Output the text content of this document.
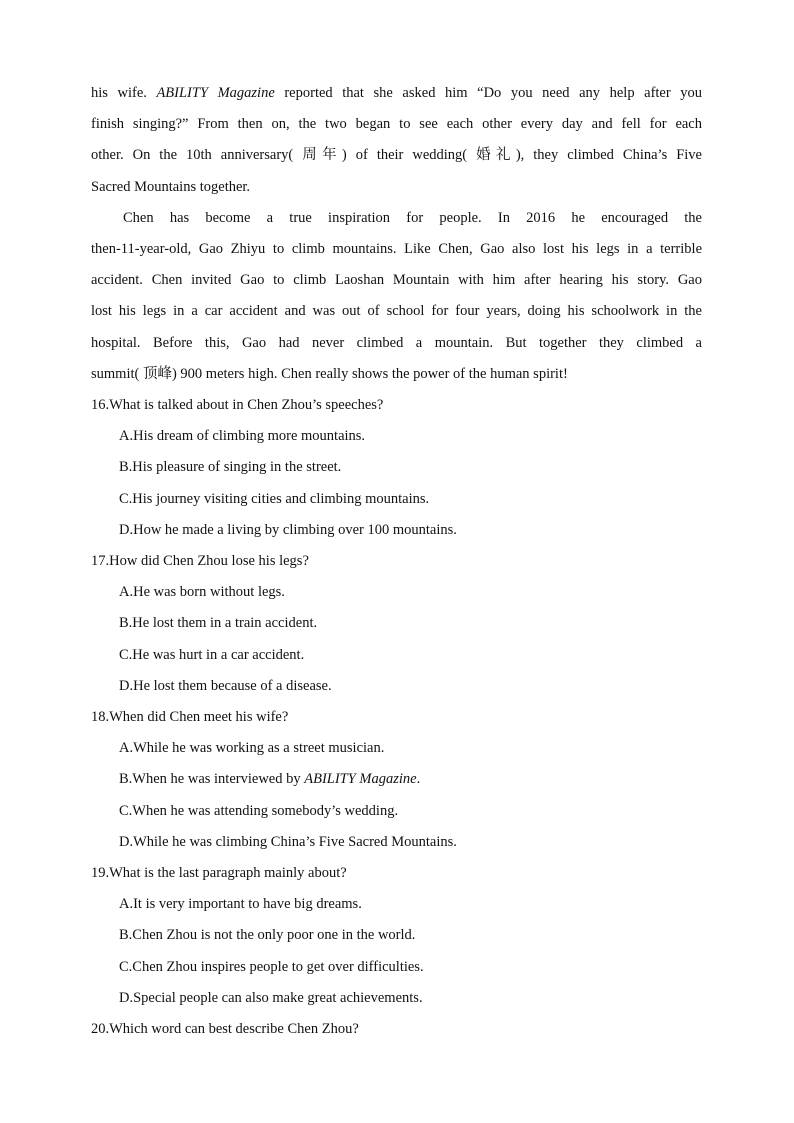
his wife. ABILITY Magazine reported that she asked him “Do you need any help after you
finish singing?” From then on, the two began to see each other every day and fell for each
other. On the 10th anniversary( 周年) of their wedding( 婚礼), they climbed China’s Five
Sacred Mountains together.
Chen has become a true inspiration for people. In 2016 he encouraged the
then-11-year-old, Gao Zhiyu to climb mountains. Like Chen, Gao also lost his legs in a terrible
accident. Chen invited Gao to climb Laoshan Mountain with him after hearing his story. Gao
lost his legs in a car accident and was out of school for four years, doing his schoolwork in the
hospital. Before this, Gao had never climbed a mountain. But together they climbed a
summit( 顶峰) 900 meters high. Chen really shows the power of the human spirit!

16.What is talked about in Chen Zhou’s speeches?

A.His dream of climbing more mountains.

B.His pleasure of singing in the street.

C.His journey visiting cities and climbing mountains.

D.How he made a living by climbing over 100 mountains.

17.How did Chen Zhou lose his legs?

A.He was born without legs.

B.He lost them in a train accident.

C.He was hurt in a car accident.

D.He lost them because of a disease.

18.When did Chen meet his wife?

A.While he was working as a street musician.

B.When he was interviewed by ABILITY Magazine.

C.When he was attending somebody’s wedding.

D.While he was climbing China’s Five Sacred Mountains.

19.What is the last paragraph mainly about?

A.It is very important to have big dreams.

B.Chen Zhou is not the only poor one in the world.

C.Chen Zhou inspires people to get over difficulties.

D.Special people can also make great achievements.

20.Which word can best describe Chen Zhou?
